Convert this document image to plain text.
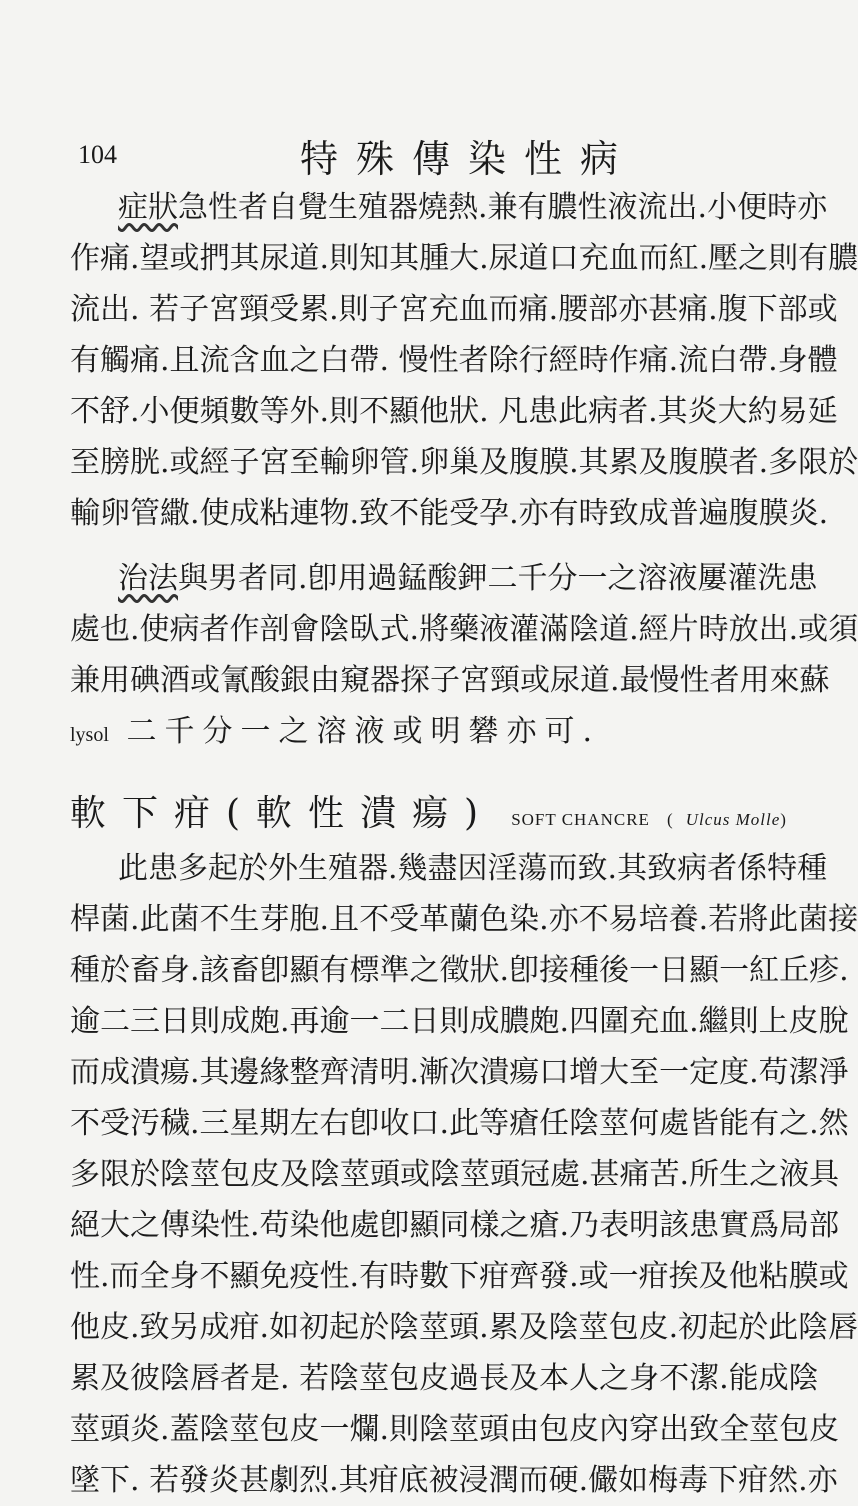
104	特殊傳染性病
症狀急性者自覺生殖器燒熱.兼有膿性液流出.小便時亦
作痛.望或捫其尿道.則知其腫大.尿道口充血而紅.壓之則有膿
流出. 若子宮頸受累.則子宮充血而痛.腰部亦甚痛.腹下部或
有觸痛.且流含血之白帶. 慢性者除行經時作痛.流白帶.身體
不舒.小便頻數等外.則不顯他狀. 凡患此病者.其炎大約易延
至膀胱.或經子宮至輸卵管.卵巢及腹膜.其累及腹膜者.多限於
輸卵管繖.使成粘連物.致不能受孕.亦有時致成普遍腹膜炎.
治法與男者同.卽用過錳酸鉀二千分一之溶液屢灌洗患
處也.使病者作剖會陰臥式.將藥液灌滿陰道.經片時放出.或須
兼用碘酒或氰酸銀由窺器探子宮頸或尿道.最慢性者用來蘇
lysol 二千分一之溶液或明礬亦可.
軟下疳(軟性潰瘍) SOFT CHANCRE ( Ulcus Molle)
此患多起於外生殖器.幾盡因淫蕩而致.其致病者係特種
桿菌.此菌不生芽胞.且不受革蘭色染.亦不易培養.若將此菌接
種於畜身.該畜卽顯有標準之徵狀.卽接種後一日顯一紅丘疹.
逾二三日則成皰.再逾一二日則成膿皰.四圍充血.繼則上皮脫
而成潰瘍.其邊緣整齊清明.漸次潰瘍口增大至一定度.苟潔淨
不受汚穢.三星期左右卽收口.此等瘡任陰莖何處皆能有之.然
多限於陰莖包皮及陰莖頭或陰莖頭冠處.甚痛苦.所生之液具
絕大之傳染性.苟染他處卽顯同樣之瘡.乃表明該患實爲局部
性.而全身不顯免疫性.有時數下疳齊發.或一疳挨及他粘膜或
他皮.致另成疳.如初起於陰莖頭.累及陰莖包皮.初起於此陰唇
累及彼陰唇者是. 若陰莖包皮過長及本人之身不潔.能成陰
莖頭炎.蓋陰莖包皮一爛.則陰莖頭由包皮內穿出致全莖包皮
墜下. 若發炎甚劇烈.其疳底被浸潤而硬.儼如梅毒下疳然.亦
